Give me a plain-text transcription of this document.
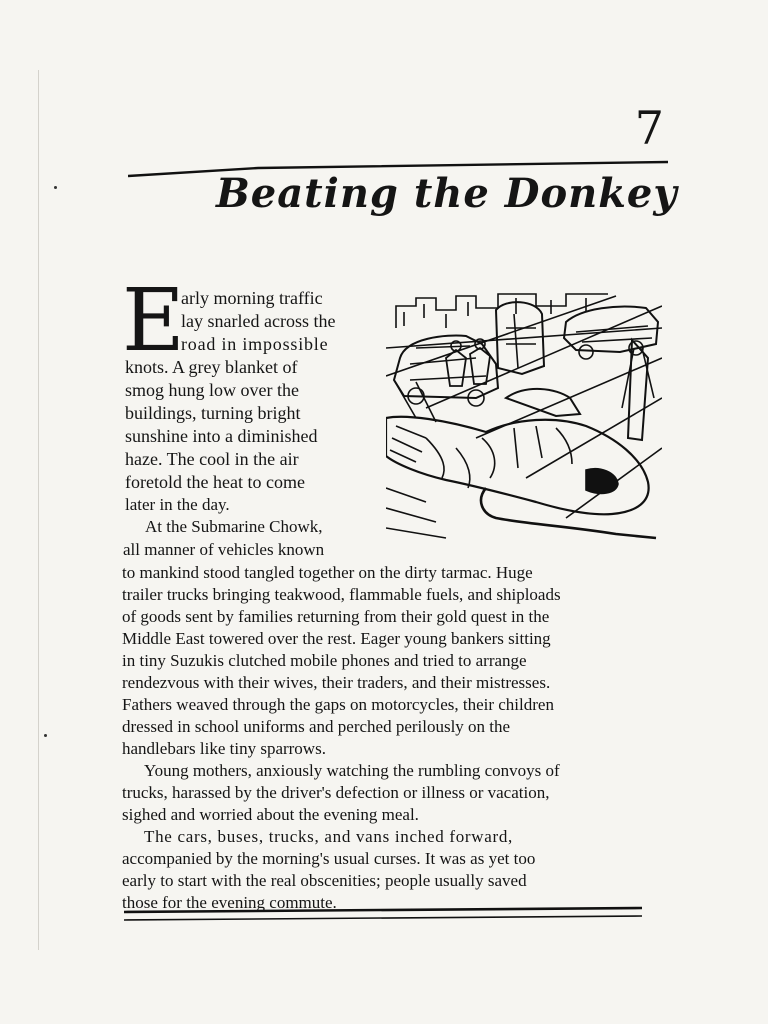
7
Beating the Donkey
E
arly morning traffic
lay snarled across the
road in impossible
knots. A grey blanket of
smog hung low over the
buildings, turning bright
sunshine into a diminished
haze. The cool in the air
foretold the heat to come
later in the day.
At the Submarine Chowk,
all manner of vehicles known
to mankind stood tangled together on the dirty tarmac. Huge
trailer trucks bringing teakwood, flammable fuels, and shiploads
of goods sent by families returning from their gold quest in the
Middle East towered over the rest. Eager young bankers sitting
in tiny Suzukis clutched mobile phones and tried to arrange
rendezvous with their wives, their traders, and their mistresses.
Fathers weaved through the gaps on motorcycles, their children
dressed in school uniforms and perched perilously on the
handlebars like tiny sparrows.
Young mothers, anxiously watching the rumbling convoys of
trucks, harassed by the driver's defection or illness or vacation,
sighed and worried about the evening meal.
The cars, buses, trucks, and vans inched forward,
accompanied by the morning's usual curses. It was as yet too
early to start with the real obscenities; people usually saved
those for the evening commute.
